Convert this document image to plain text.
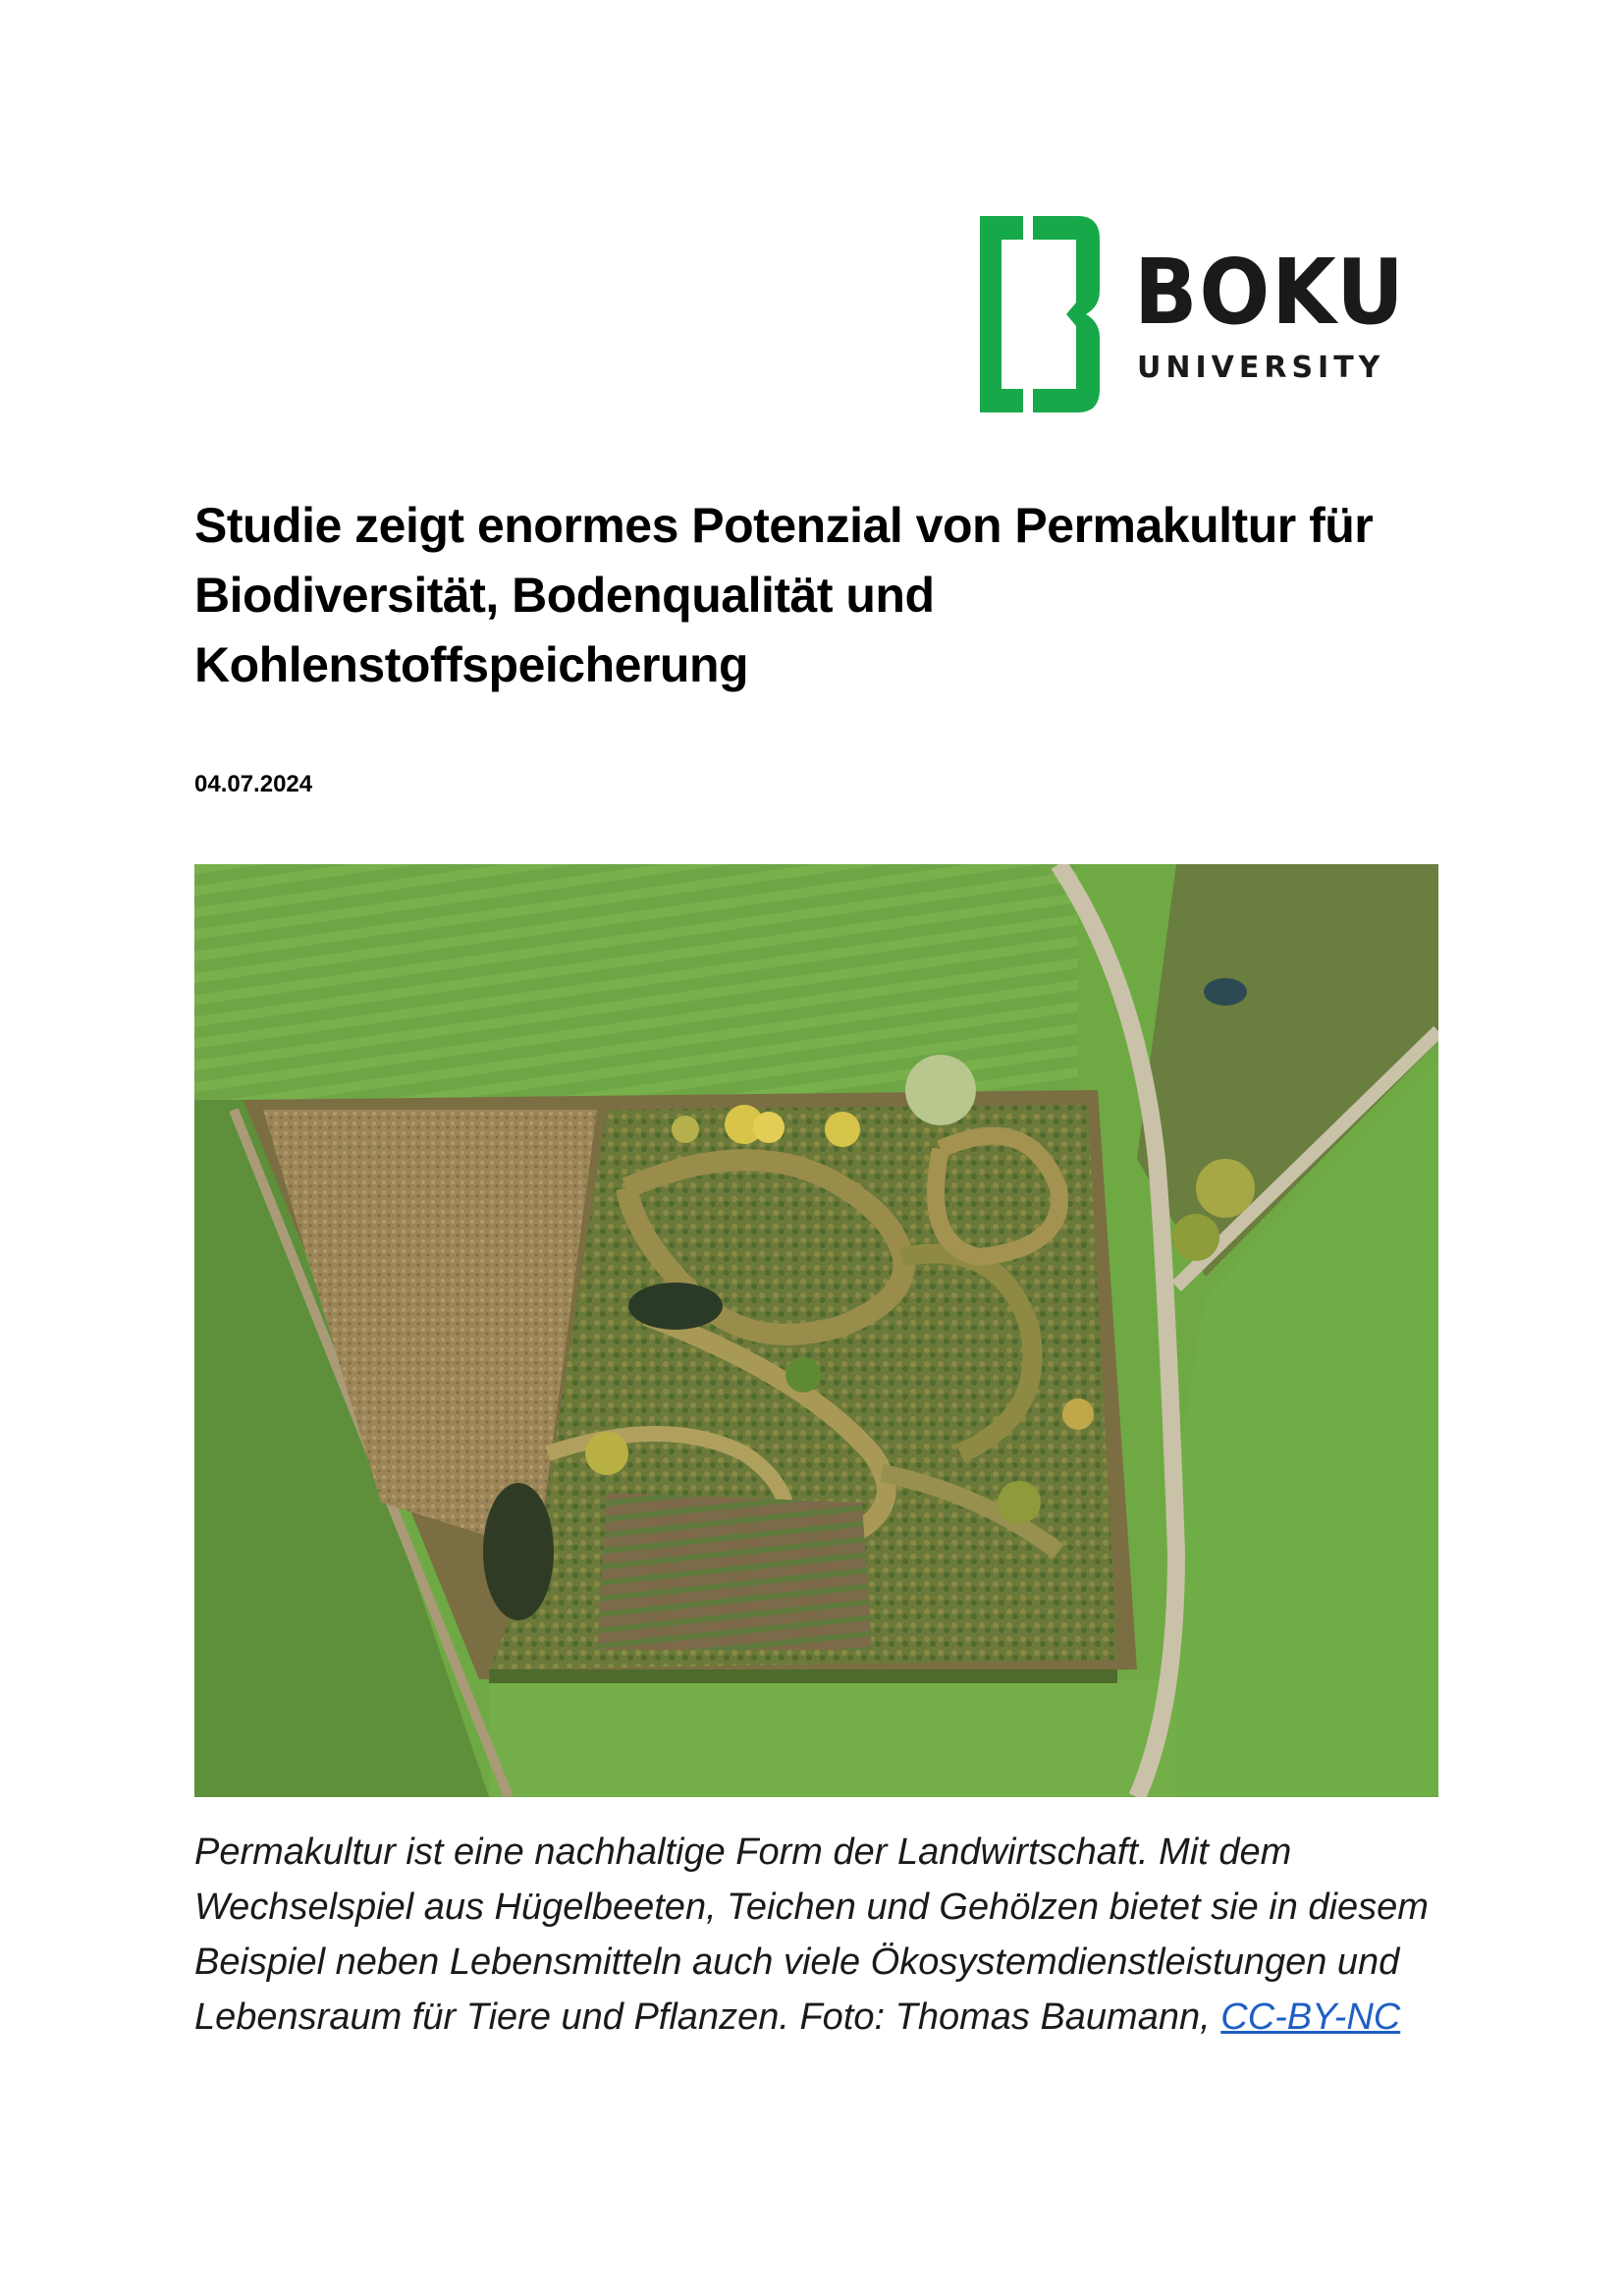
BOKU
UNIVERSITY
Studie zeigt enormes Potenzial von Permakultur für Biodiversität, Bodenqualität und Kohlenstoffspeicherung
04.07.2024

Permakultur ist eine nachhaltige Form der Landwirtschaft. Mit dem Wechselspiel aus Hügelbeeten, Teichen und Gehölzen bietet sie in diesem Beispiel neben Lebensmitteln auch viele Ökosystemdienstleistungen und Lebensraum für Tiere und Pflanzen. Foto: Thomas Baumann, CC-BY-NC
